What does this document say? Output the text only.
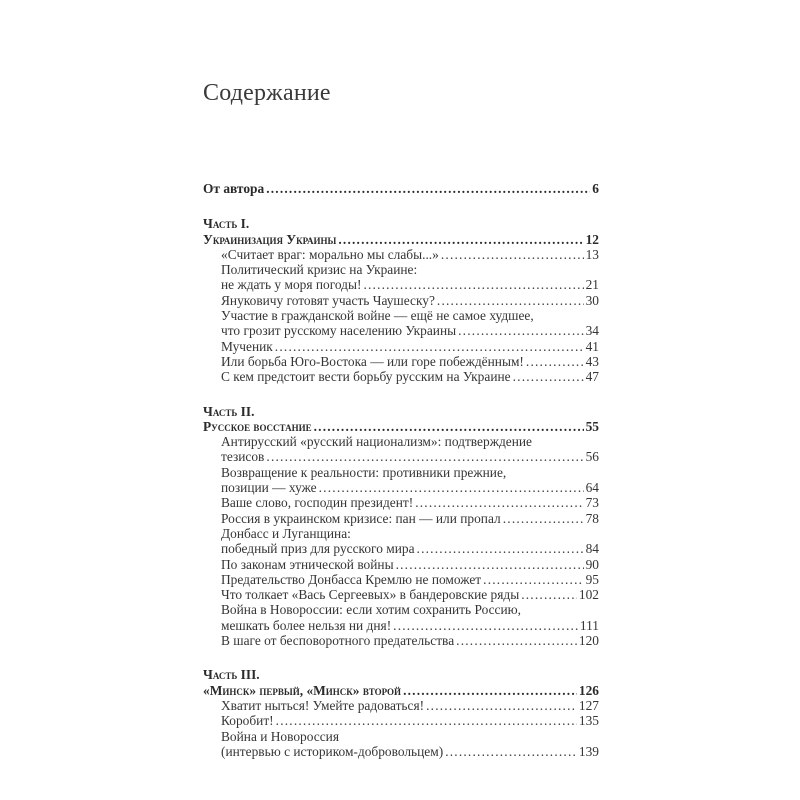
Содержание
От автора .....	6
Часть I.
Украинизация Украины .....	12
«Считает враг: морально мы слабы...» .....	13
Политический кризис на Украине:
не ждать у моря погоды! .....	21
Януковичу готовят участь Чаушеску? .....	30
Участие в гражданской войне — ещё не самое худшее,
что грозит русскому населению Украины .....	34
Мученик .....	41
Или борьба Юго-Востока — или горе побеждённым! .....	43
С кем предстоит вести борьбу русским на Украине .....	47
Часть II.
Русское восстание .....	55
Антирусский «русский национализм»: подтверждение
тезисов .....	56
Возвращение к реальности: противники прежние,
позиции — хуже .....	64
Ваше слово, господин президент! .....	73
Россия в украинском кризисе: пан — или пропал .....	78
Донбасс и Луганщина:
победный приз для русского мира .....	84
По законам этнической войны .....	90
Предательство Донбасса Кремлю не поможет .....	95
Что толкает «Вась Сергеевых» в бандеровские ряды .....	102
Война в Новороссии: если хотим сохранить Россию,
мешкать более нельзя ни дня! .....	111
В шаге от бесповоротного предательства .....	120
Часть III.
«Минск» первый, «Минск» второй .....	126
Хватит ныться! Умейте радоваться! .....	127
Коробит! .....	135
Война и Новороссия
(интервью с историком-добровольцем) .....	139
